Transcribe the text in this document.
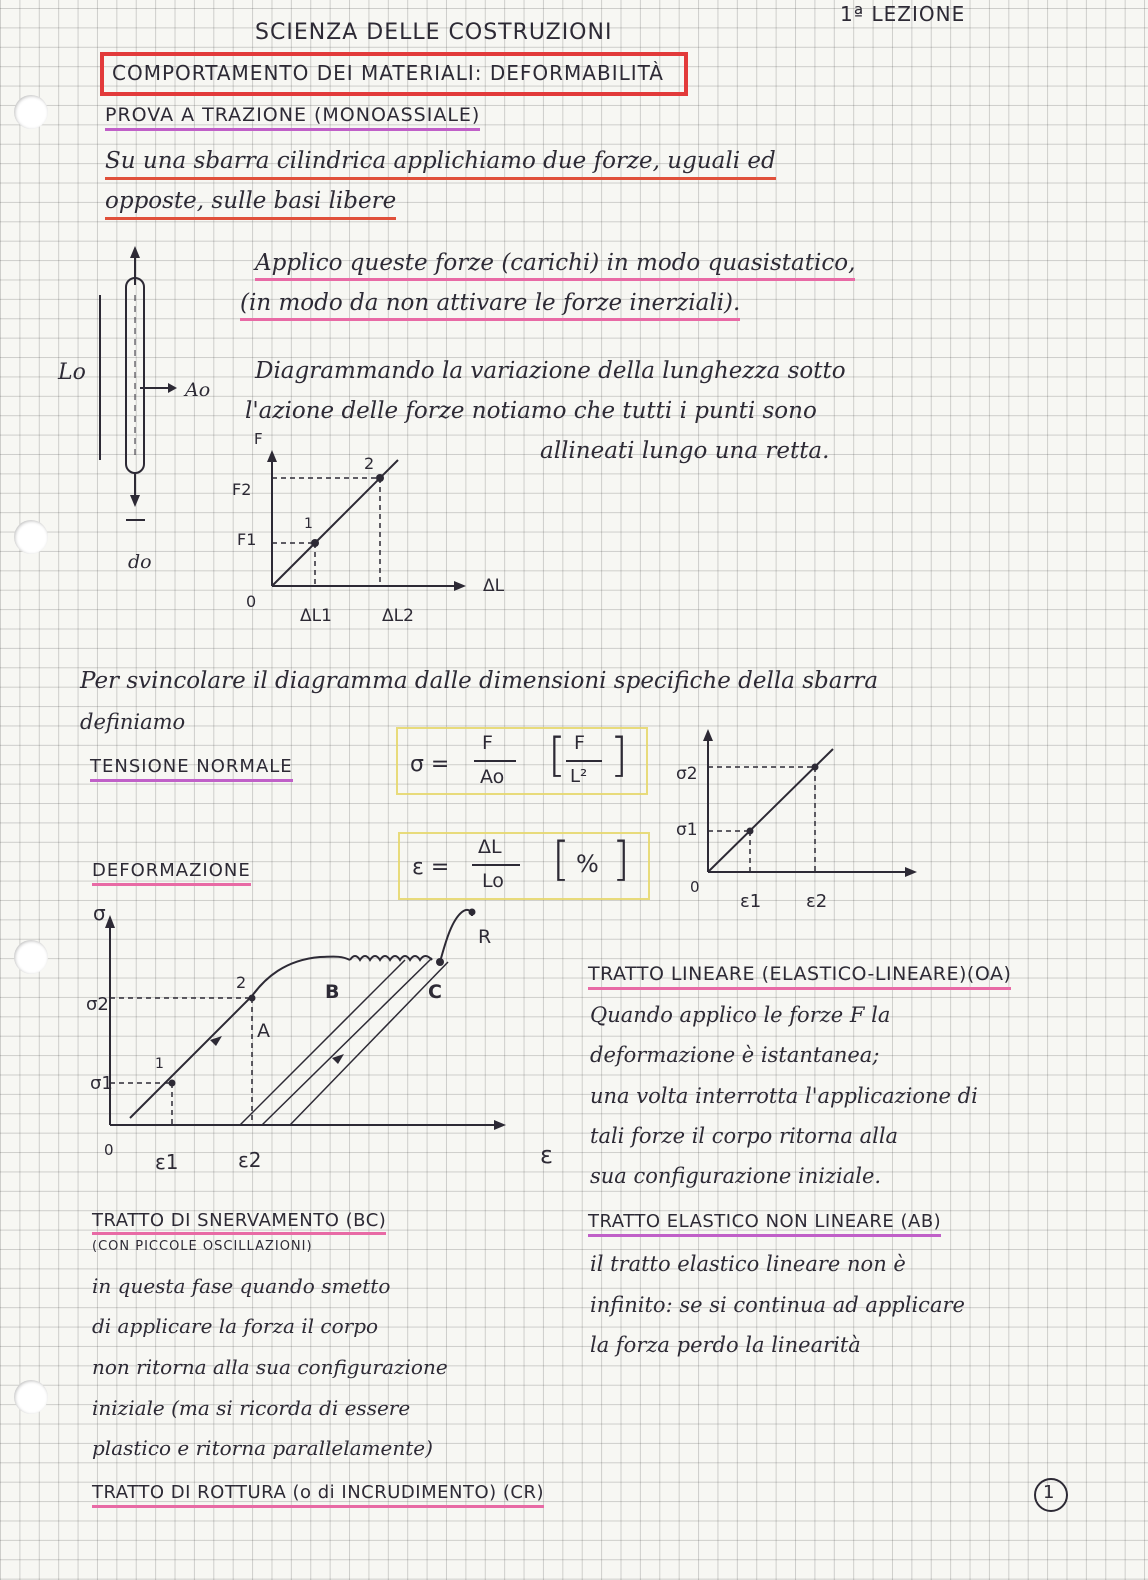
SCIENZA DELLE COSTRUZIONI
1ª LEZIONE
COMPORTAMENTO DEI MATERIALI: DEFORMABILITÀ
PROVA A TRAZIONE (MONOASSIALE)
Su una sbarra cilindrica applichiamo due forze, uguali ed
opposte, sulle basi libere
Applico queste forze (carichi) in modo quasistatico,
(in modo da non attivare le forze inerziali).
Diagrammando la variazione della lunghezza sotto
l'azione delle forze notiamo che tutti i punti sono
allineati lungo una retta.
Per svincolare il diagramma dalle dimensioni specifiche della sbarra
definiamo
Lo
Ao
do
F
ΔL
0
F2
F1
ΔL1	ΔL2
1
2
TENSIONE NORMALE	σ =
F
Ao [ F
L² ]
DEFORMAZIONE	ε =
ΔL
Lo [ % ]
σ2
σ1
0
ε1 ε2
σ
ε
0
σ2
σ1
ε1	ε2
1
2
A
B	C
R
TRATTO LINEARE (ELASTICO-LINEARE)(OA)
Quando applico le forze F la
deformazione è istantanea;
una volta interrotta l'applicazione di
tali forze il corpo ritorna alla
sua configurazione iniziale.
TRATTO ELASTICO NON LINEARE (AB)
il tratto elastico lineare non è
infinito: se si continua ad applicare
la forza perdo la linearità
TRATTO DI SNERVAMENTO (BC)
(CON PICCOLE OSCILLAZIONI)
in questa fase quando smetto
di applicare la forza il corpo
non ritorna alla sua configurazione
iniziale (ma si ricorda di essere
plastico e ritorna parallelamente)
TRATTO DI ROTTURA (o di INCRUDIMENTO) (CR)	1
